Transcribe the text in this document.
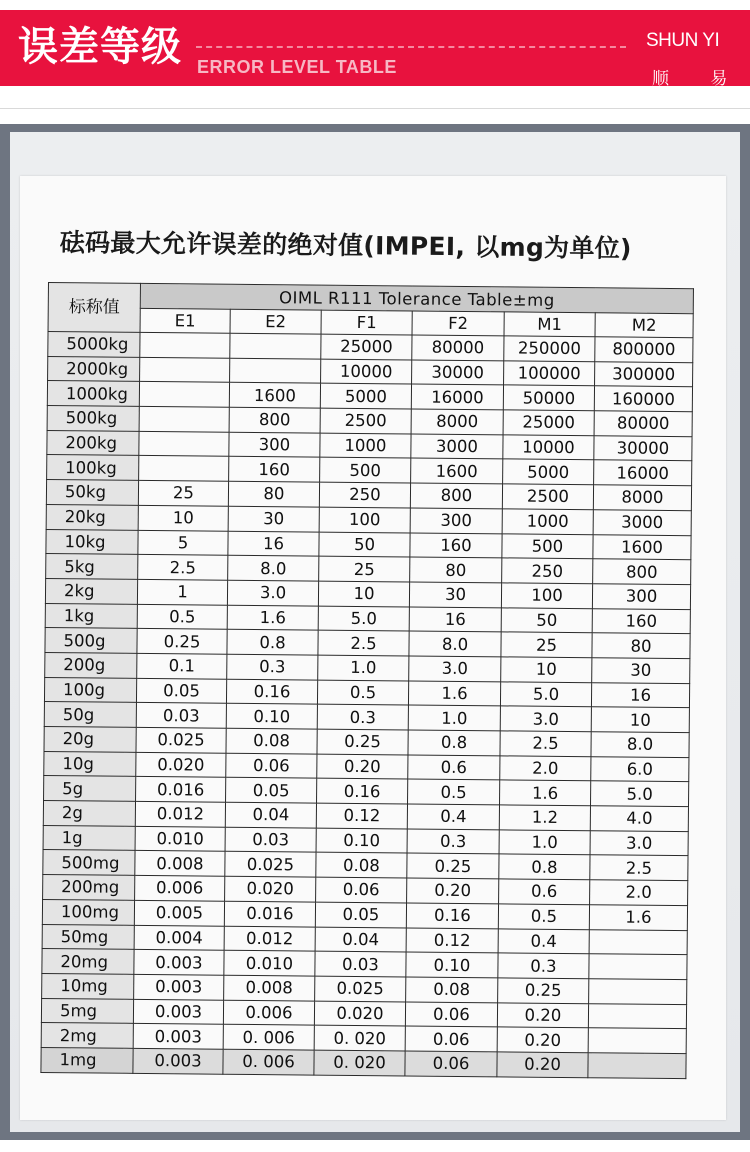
误差等级 ERROR LEVEL TABLE
SHUN YI
顺 易
砝码最大允许误差的绝对值(IMPEI, 以mg为单位)
标称值	OIML R111 Tolerance Table±mg					
	E1	E2	F1	F2	M1	M2
5000kg			25000	80000	250000	800000
2000kg			10000	30000	100000	300000
1000kg		1600	5000	16000	50000	160000
500kg		800	2500	8000	25000	80000
200kg		300	1000	3000	10000	30000
100kg		160	500	1600	5000	16000
50kg	25	80	250	800	2500	8000
20kg	10	30	100	300	1000	3000
10kg	5	16	50	160	500	1600
5kg	2.5	8.0	25	80	250	800
2kg	1	3.0	10	30	100	300
1kg	0.5	1.6	5.0	16	50	160
500g	0.25	0.8	2.5	8.0	25	80
200g	0.1	0.3	1.0	3.0	10	30
100g	0.05	0.16	0.5	1.6	5.0	16
50g	0.03	0.10	0.3	1.0	3.0	10
20g	0.025	0.08	0.25	0.8	2.5	8.0
10g	0.020	0.06	0.20	0.6	2.0	6.0
5g	0.016	0.05	0.16	0.5	1.6	5.0
2g	0.012	0.04	0.12	0.4	1.2	4.0
1g	0.010	0.03	0.10	0.3	1.0	3.0
500mg	0.008	0.025	0.08	0.25	0.8	2.5
200mg	0.006	0.020	0.06	0.20	0.6	2.0
100mg	0.005	0.016	0.05	0.16	0.5	1.6
50mg	0.004	0.012	0.04	0.12	0.4	
20mg	0.003	0.010	0.03	0.10	0.3	
10mg	0.003	0.008	0.025	0.08	0.25	
5mg	0.003	0.006	0.020	0.06	0.20	
2mg	0.003	0. 006	0. 020	0.06	0.20	
1mg	0.003	0. 006	0. 020	0.06	0.20	
